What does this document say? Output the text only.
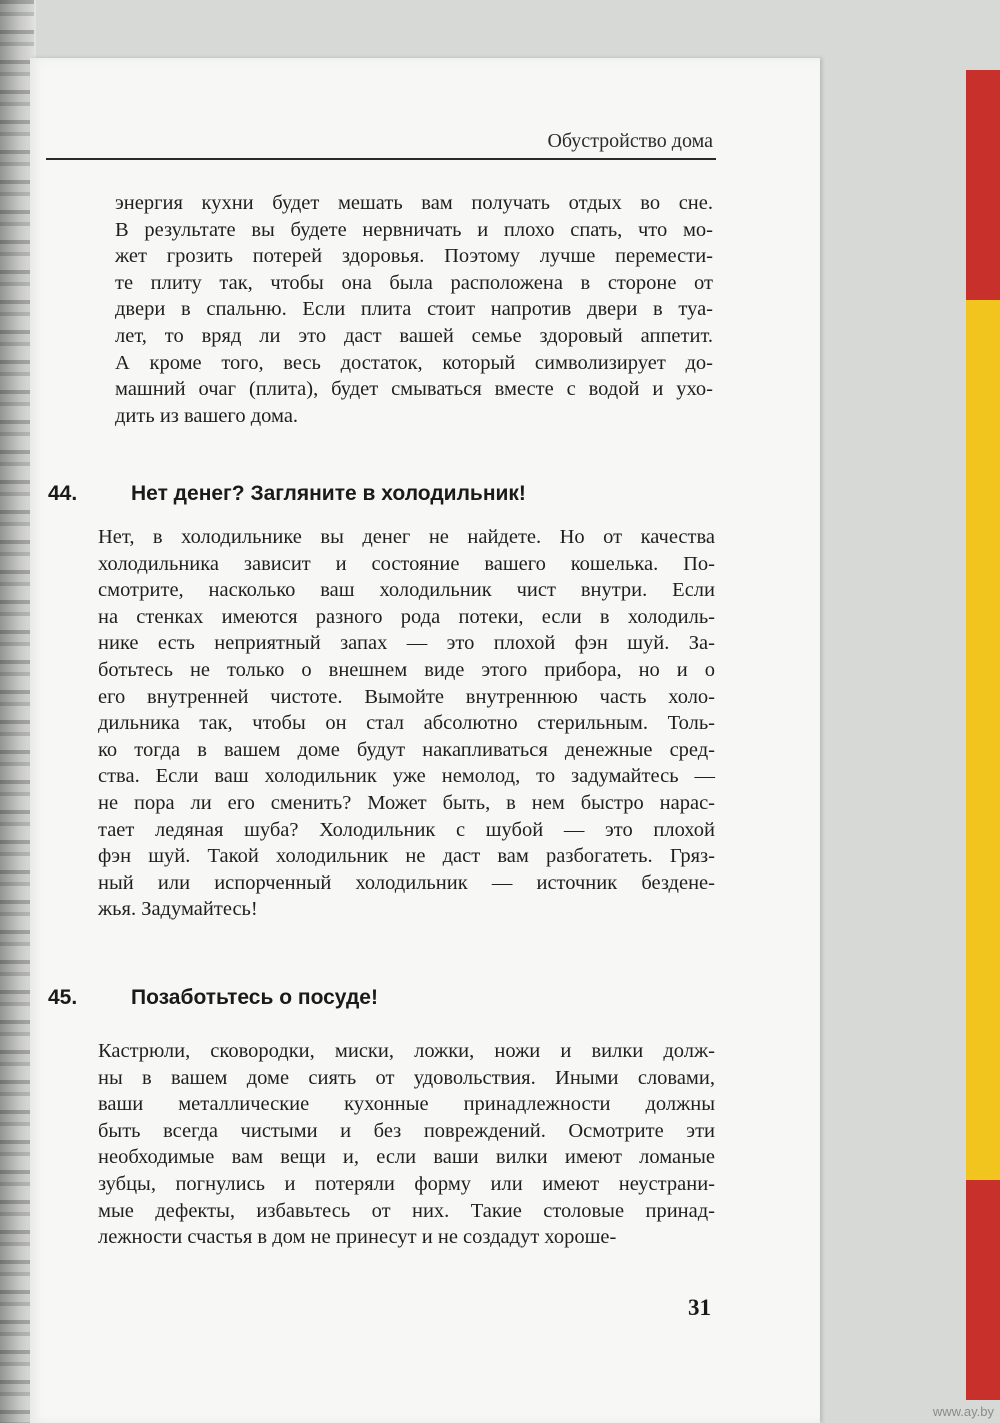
Обустройство дома
энергия кухни будет мешать вам получать отдых во сне.
В результате вы будете нервничать и плохо спать, что мо-
жет грозить потерей здоровья. Поэтому лучше перемести-
те плиту так, чтобы она была расположена в стороне от
двери в спальню. Если плита стоит напротив двери в туа-
лет, то вряд ли это даст вашей семье здоровый аппетит.
А кроме того, весь достаток, который символизирует до-
машний очаг (плита), будет смываться вместе с водой и ухо-
дить из вашего дома.
44.	Нет денег? Загляните в холодильник!
Нет, в холодильнике вы денег не найдете. Но от качества
холодильника зависит и состояние вашего кошелька. По-
смотрите, насколько ваш холодильник чист внутри. Если
на стенках имеются разного рода потеки, если в холодиль-
нике есть неприятный запах — это плохой фэн шуй. За-
ботьтесь не только о внешнем виде этого прибора, но и о
его внутренней чистоте. Вымойте внутреннюю часть холо-
дильника так, чтобы он стал абсолютно стерильным. Толь-
ко тогда в вашем доме будут накапливаться денежные сред-
ства. Если ваш холодильник уже немолод, то задумайтесь —
не пора ли его сменить? Может быть, в нем быстро нарас-
тает ледяная шуба? Холодильник с шубой — это плохой
фэн шуй. Такой холодильник не даст вам разбогатеть. Гряз-
ный или испорченный холодильник — источник бездене-
жья. Задумайтесь!
45.	Позаботьтесь о посуде!
Кастрюли, сковородки, миски, ложки, ножи и вилки долж-
ны в вашем доме сиять от удовольствия. Иными словами,
ваши металлические кухонные принадлежности должны
быть всегда чистыми и без повреждений. Осмотрите эти
необходимые вам вещи и, если ваши вилки имеют ломаные
зубцы, погнулись и потеряли форму или имеют неустрани-
мые дефекты, избавьтесь от них. Такие столовые принад-
лежности счастья в дом не принесут и не создадут хороше-
31
www.ay.by
